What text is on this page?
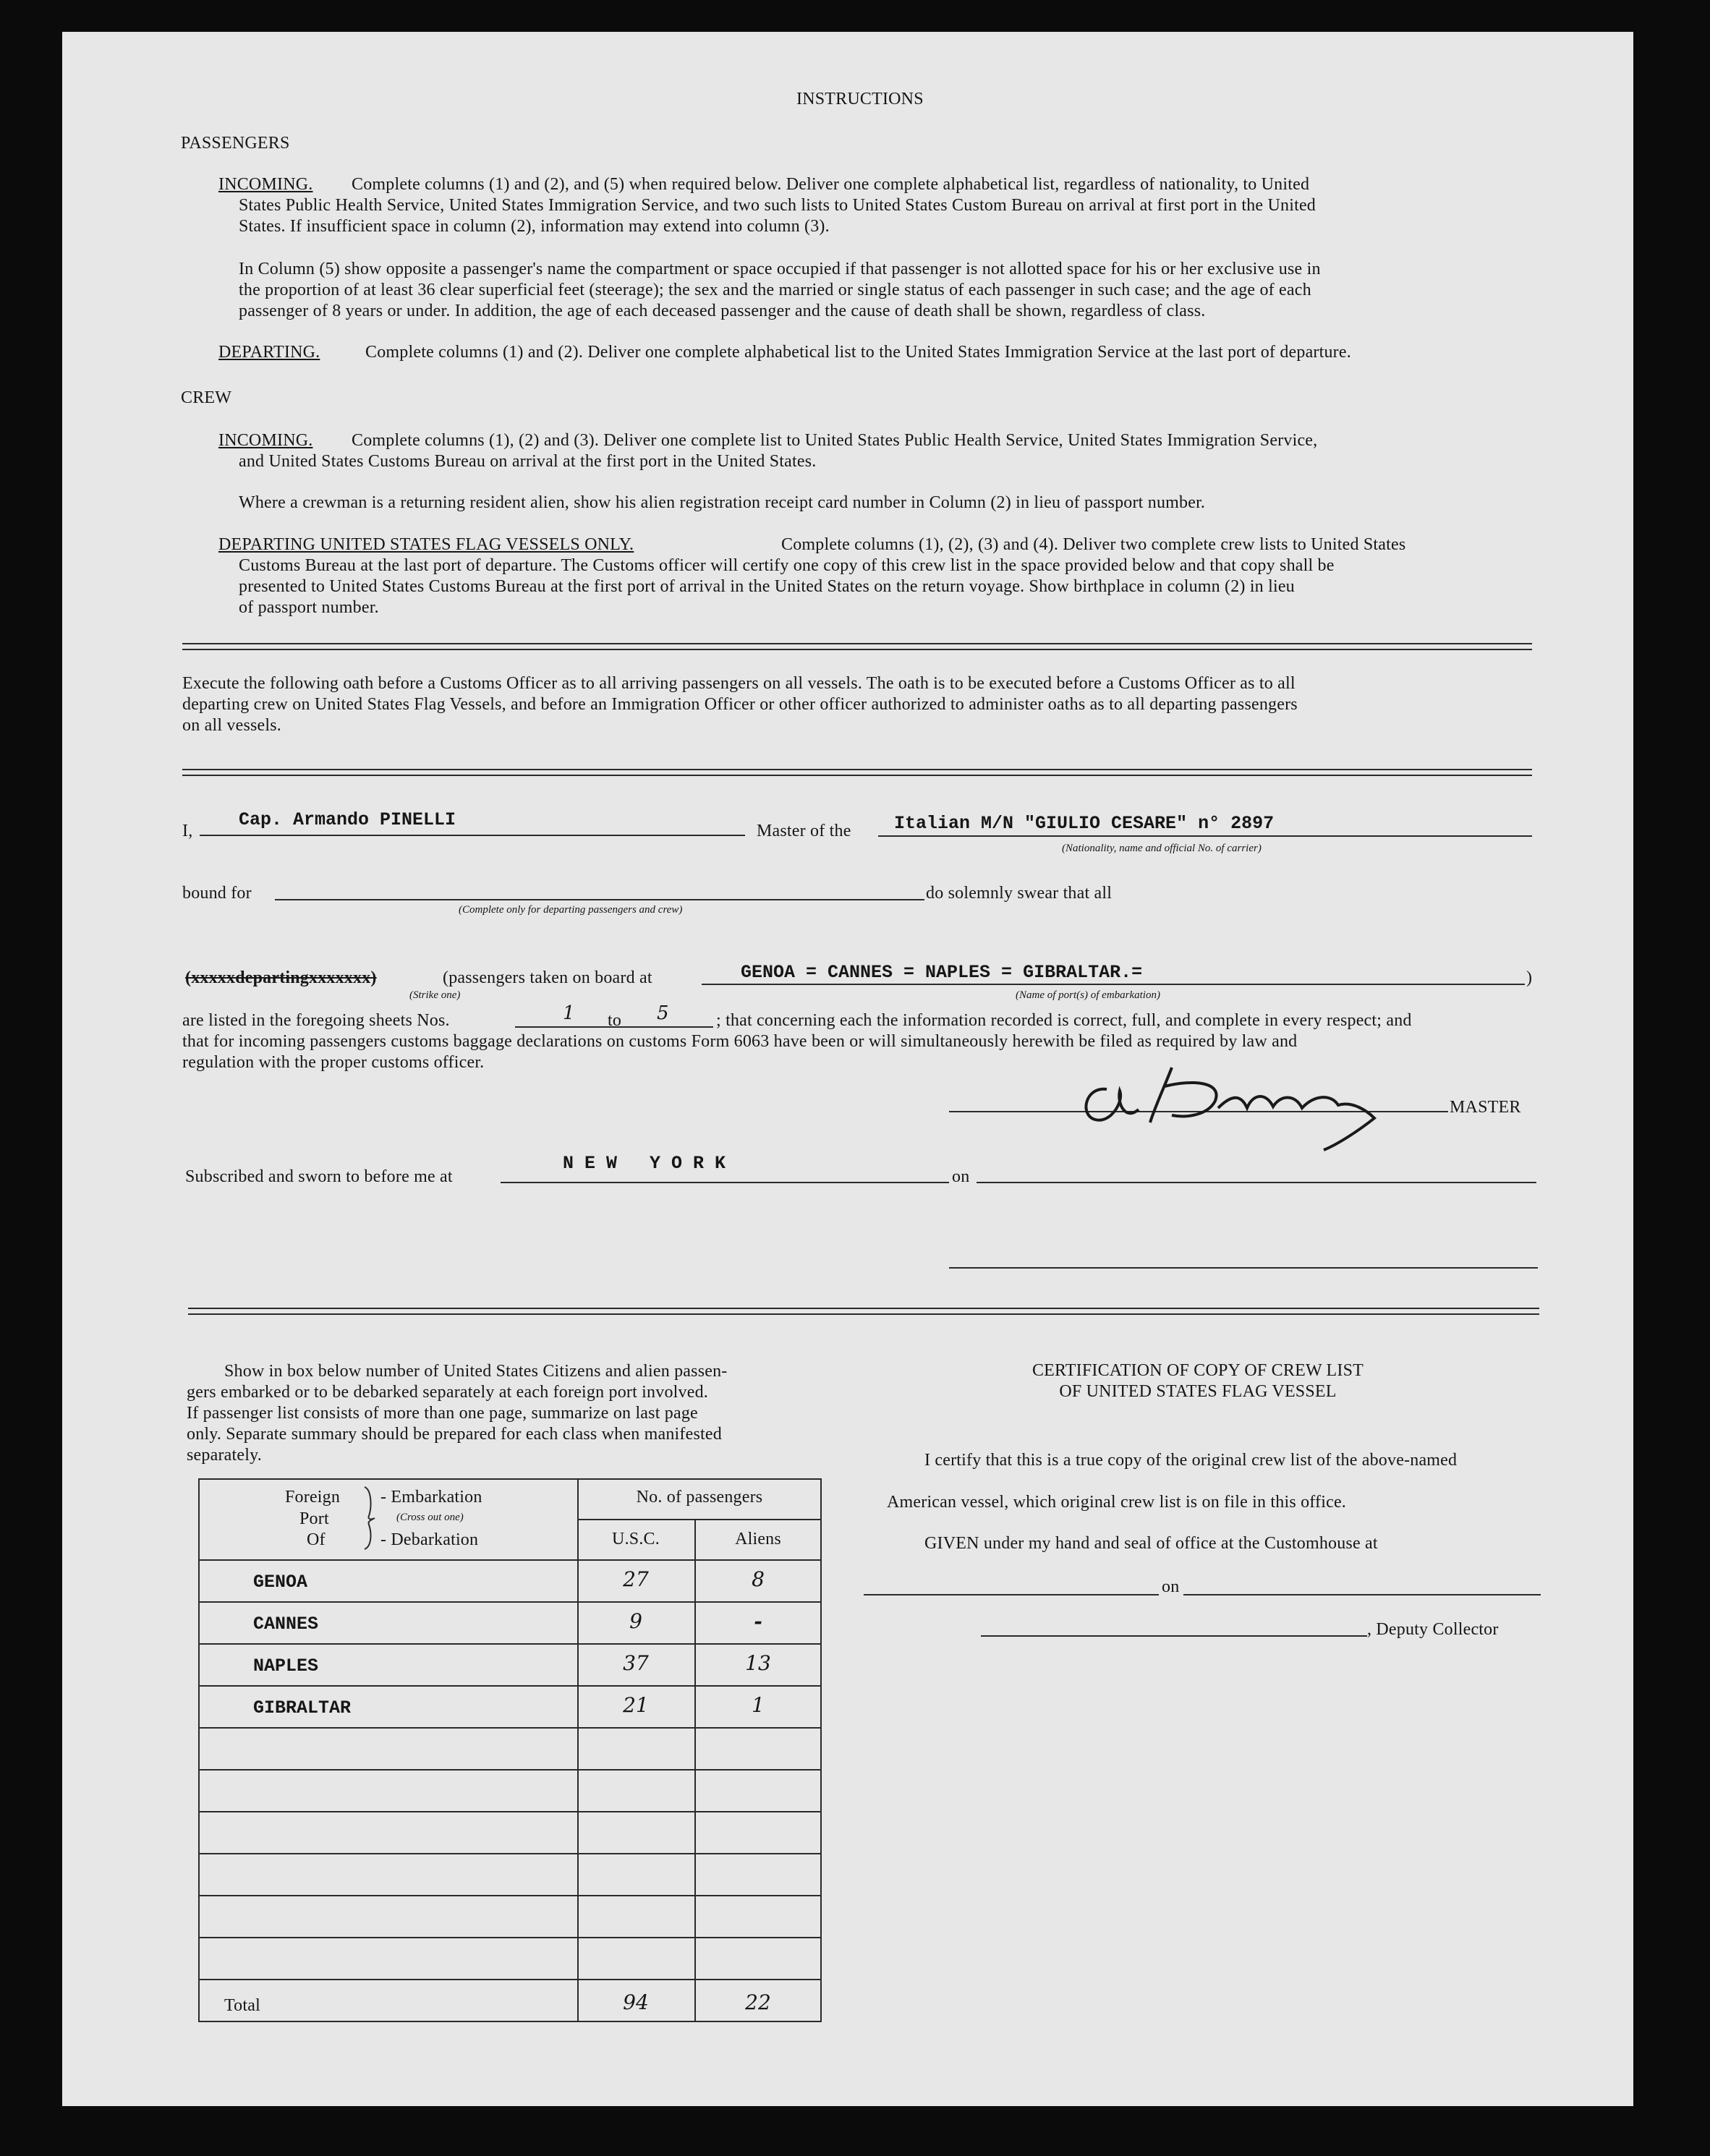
INSTRUCTIONS
PASSENGERS
INCOMING. Complete columns (1) and (2), and (5) when required below. Deliver one complete alphabetical list, regardless of nationality, to United
States Public Health Service, United States Immigration Service, and two such lists to United States Custom Bureau on arrival at first port in the United
States. If insufficient space in column (2), information may extend into column (3).
In Column (5) show opposite a passenger's name the compartment or space occupied if that passenger is not allotted space for his or her exclusive use in
the proportion of at least 36 clear superficial feet (steerage); the sex and the married or single status of each passenger in such case; and the age of each
passenger of 8 years or under. In addition, the age of each deceased passenger and the cause of death shall be shown, regardless of class.
DEPARTING.	Complete columns (1) and (2). Deliver one complete alphabetical list to the United States Immigration Service at the last port of departure.
CREW
INCOMING. Complete columns (1), (2) and (3). Deliver one complete list to United States Public Health Service, United States Immigration Service,
and United States Customs Bureau on arrival at the first port in the United States.
Where a crewman is a returning resident alien, show his alien registration receipt card number in Column (2) in lieu of passport number.
DEPARTING UNITED STATES FLAG VESSELS ONLY.	Complete columns (1), (2), (3) and (4). Deliver two complete crew lists to United States
Customs Bureau at the last port of departure. The Customs officer will certify one copy of this crew list in the space provided below and that copy shall be
presented to United States Customs Bureau at the first port of arrival in the United States on the return voyage. Show birthplace in column (2) in lieu
of passport number.
Execute the following oath before a Customs Officer as to all arriving passengers on all vessels. The oath is to be executed before a Customs Officer as to all
departing crew on United States Flag Vessels, and before an Immigration Officer or other officer authorized to administer oaths as to all departing passengers
on all vessels.
I,
Cap. Armando PINELLI
Master of the Italian M/N "GIULIO CESARE" n° 2897
(Nationality, name and official No. of carrier)
bound for
(Complete only for departing passengers and crew)
do solemnly swear that all
(xxxxxdepartingxxxxxxx)
(Strike one)
(passengers taken on board at	GENOA = CANNES = NAPLES = GIBRALTAR.=	)
(Name of port(s) of embarkation)
are listed in the foregoing sheets Nos.	1 to 5	; that concerning each the information recorded is correct, full, and complete in every respect; and
that for incoming passengers customs baggage declarations on customs Form 6063 have been or will simultaneously herewith be filed as required by law and
regulation with the proper customs officer.
MASTER
Subscribed and sworn to before me at
N E W   Y O R K
on
Show in box below number of United States Citizens and alien passen-
gers embarked or to be debarked separately at each foreign port involved.
If passenger list consists of more than one page, summarize on last page
only. Separate summary should be prepared for each class when manifested
separately.
Foreign
Port
Of
- Embarkation
(Cross out one)
- Debarkation
No. of passengers
U.S.C.	Aliens
GENOA	27	8
CANNES	9	-
NAPLES	37	13
GIBRALTAR	21	1
Total	94	22
CERTIFICATION OF COPY OF CREW LIST
OF UNITED STATES FLAG VESSEL
I certify that this is a true copy of the original crew list of the above-named
American vessel, which original crew list is on file in this office.
GIVEN under my hand and seal of office at the Customhouse at
on
, Deputy Collector
